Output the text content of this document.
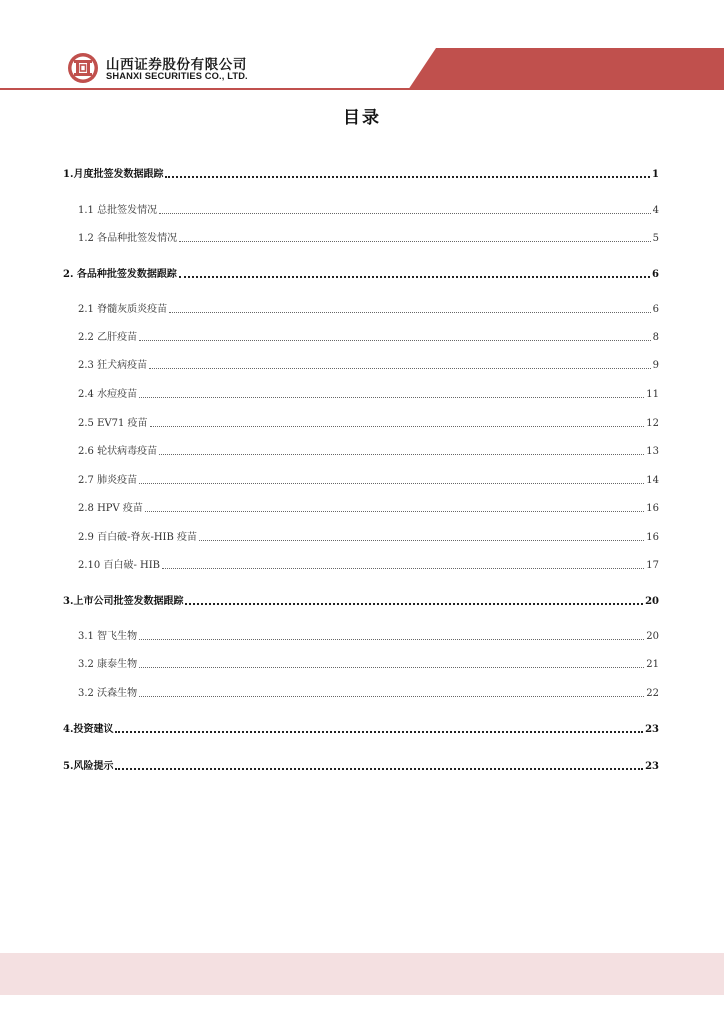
山西证券股份有限公司
SHANXI SECURITIES CO., LTD.
目录
1.月度批签发数据跟踪	1
1.1 总批签发情况	4
1.2 各品种批签发情况	5
2. 各品种批签发数据跟踪	6
2.1 脊髓灰质炎疫苗	6
2.2 乙肝疫苗	8
2.3 狂犬病疫苗	9
2.4 水痘疫苗	11
2.5 EV71 疫苗	12
2.6 轮状病毒疫苗	13
2.7 肺炎疫苗	14
2.8 HPV 疫苗	16
2.9 百白破-脊灰-HIB 疫苗	16
2.10 百白破- HIB	17
3.上市公司批签发数据跟踪	20
3.1 智飞生物	20
3.2 康泰生物	21
3.2 沃森生物	22
4.投资建议	23
5.风险提示	23
